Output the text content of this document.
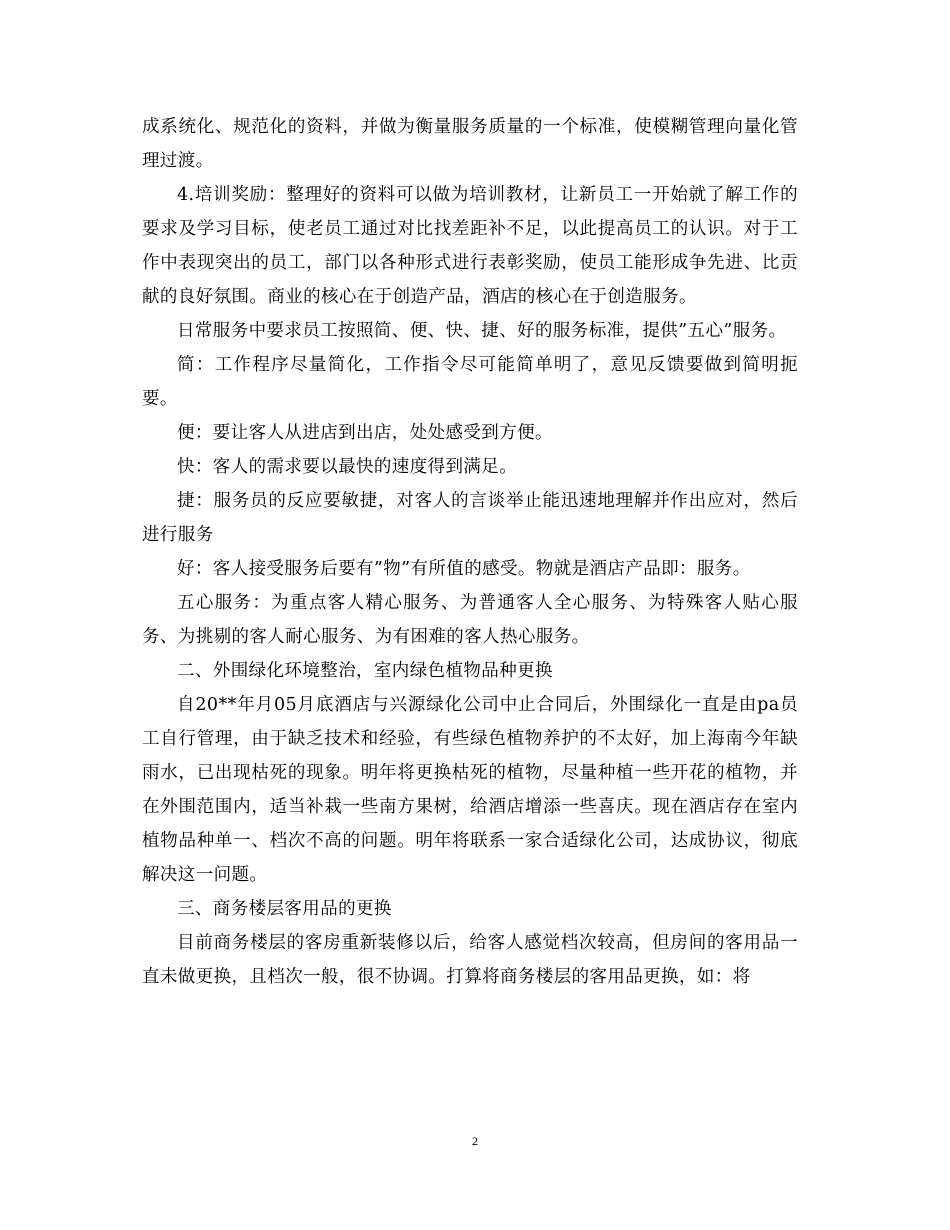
成系统化、规范化的资料，并做为衡量服务质量的一个标准，使模糊管理向量化管理过渡。

4.培训奖励：整理好的资料可以做为培训教材，让新员工一开始就了解工作的要求及学习目标，使老员工通过对比找差距补不足，以此提高员工的认识。对于工作中表现突出的员工，部门以各种形式进行表彰奖励，使员工能形成争先进、比贡献的良好氛围。商业的核心在于创造产品，酒店的核心在于创造服务。

日常服务中要求员工按照简、便、快、捷、好的服务标准，提供”五心”服务。

简：工作程序尽量简化，工作指令尽可能简单明了，意见反馈要做到简明扼要。

便：要让客人从进店到出店，处处感受到方便。

快：客人的需求要以最快的速度得到满足。

捷：服务员的反应要敏捷，对客人的言谈举止能迅速地理解并作出应对，然后进行服务

好：客人接受服务后要有”物”有所值的感受。物就是酒店产品即：服务。

五心服务：为重点客人精心服务、为普通客人全心服务、为特殊客人贴心服务、为挑剔的客人耐心服务、为有困难的客人热心服务。

二、外围绿化环境整治，室内绿色植物品种更换

自20**年月05月底酒店与兴源绿化公司中止合同后，外围绿化一直是由pa员工自行管理，由于缺乏技术和经验，有些绿色植物养护的不太好，加上海南今年缺雨水，已出现枯死的现象。明年将更换枯死的植物，尽量种植一些开花的植物，并在外围范围内，适当补栽一些南方果树，给酒店增添一些喜庆。现在酒店存在室内植物品种单一、档次不高的问题。明年将联系一家合适绿化公司，达成协议，彻底解决这一问题。

三、商务楼层客用品的更换

目前商务楼层的客房重新装修以后，给客人感觉档次较高，但房间的客用品一直未做更换，且档次一般，很不协调。打算将商务楼层的客用品更换，如：将

2
